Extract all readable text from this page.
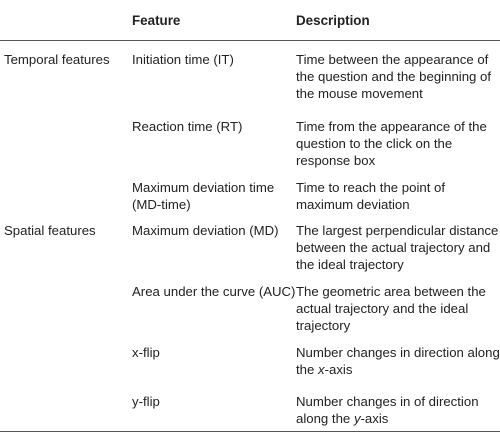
	Feature	Description
Temporal features	Initiation time (IT)	Time between the appearance of the question and the beginning of the mouse movement
	Reaction time (RT)	Time from the appearance of the question to the click on the response box
	Maximum deviation time (MD-time)	Time to reach the point of maximum deviation
Spatial features	Maximum deviation (MD)	The largest perpendicular distance between the actual trajectory and the ideal trajectory
	Area under the curve (AUC)	The geometric area between the actual trajectory and the ideal trajectory
	x-flip	Number changes in direction along the x-axis
	y-flip	Number changes in of direction along the y-axis
